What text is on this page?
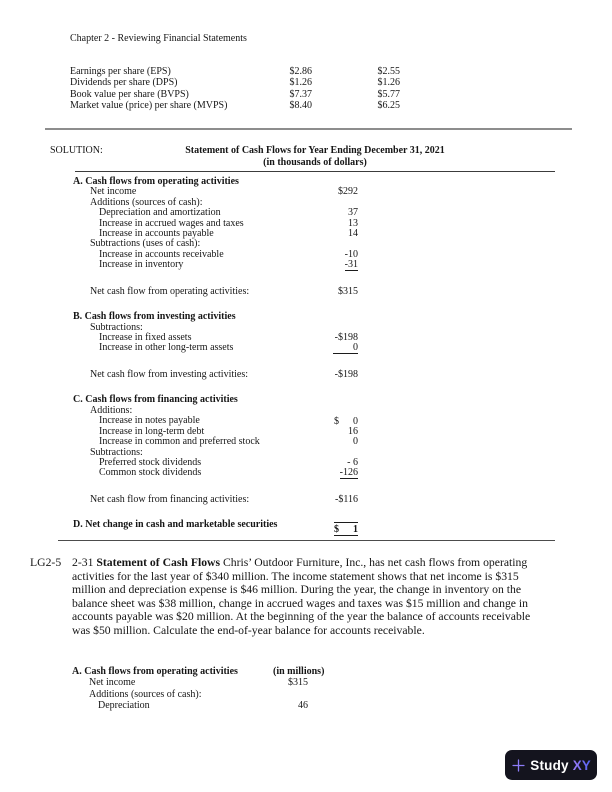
Chapter 2 - Reviewing Financial Statements
Earnings per share (EPS)	$2.86	$2.55
Dividends per share (DPS)	$1.26	$1.26
Book value per share (BVPS)	$7.37	$5.77
Market value (price) per share (MVPS)	$8.40	$6.25
SOLUTION:	Statement of Cash Flows for Year Ending December 31, 2021
(in thousands of dollars)
A. Cash flows from operating activities
Net income	$292
Additions (sources of cash):
Depreciation and amortization	37
Increase in accrued wages and taxes	13
Increase in accounts payable	14
Subtractions (uses of cash):
Increase in accounts receivable	-10
Increase in inventory	-31
Net cash flow from operating activities:	$315
B. Cash flows from investing activities
Subtractions:
Increase in fixed assets	-$198
Increase in other long-term assets	0
Net cash flow from investing activities:	-$198
C. Cash flows from financing activities
Additions:
Increase in notes payable	$ 0
Increase in long-term debt	16
Increase in common and preferred stock	0
Subtractions:
Preferred stock dividends	- 6
Common stock dividends	-126
Net cash flow from financing activities:	-$116
D. Net change in cash and marketable securities	$ 1
LG2-5 2-31 Statement of Cash Flows Chris’ Outdoor Furniture, Inc., has net cash flows from operating activities for the last year of $340 million. The income statement shows that net income is $315 million and depreciation expense is $46 million. During the year, the change in inventory on the balance sheet was $38 million, change in accrued wages and taxes was $15 million and change in accounts payable was $20 million. At the beginning of the year the balance of accounts receivable was $50 million. Calculate the end-of-year balance for accounts receivable.
A. Cash flows from operating activities	(in millions)
Net income	$315
Additions (sources of cash):
Depreciation	46
Study XY
